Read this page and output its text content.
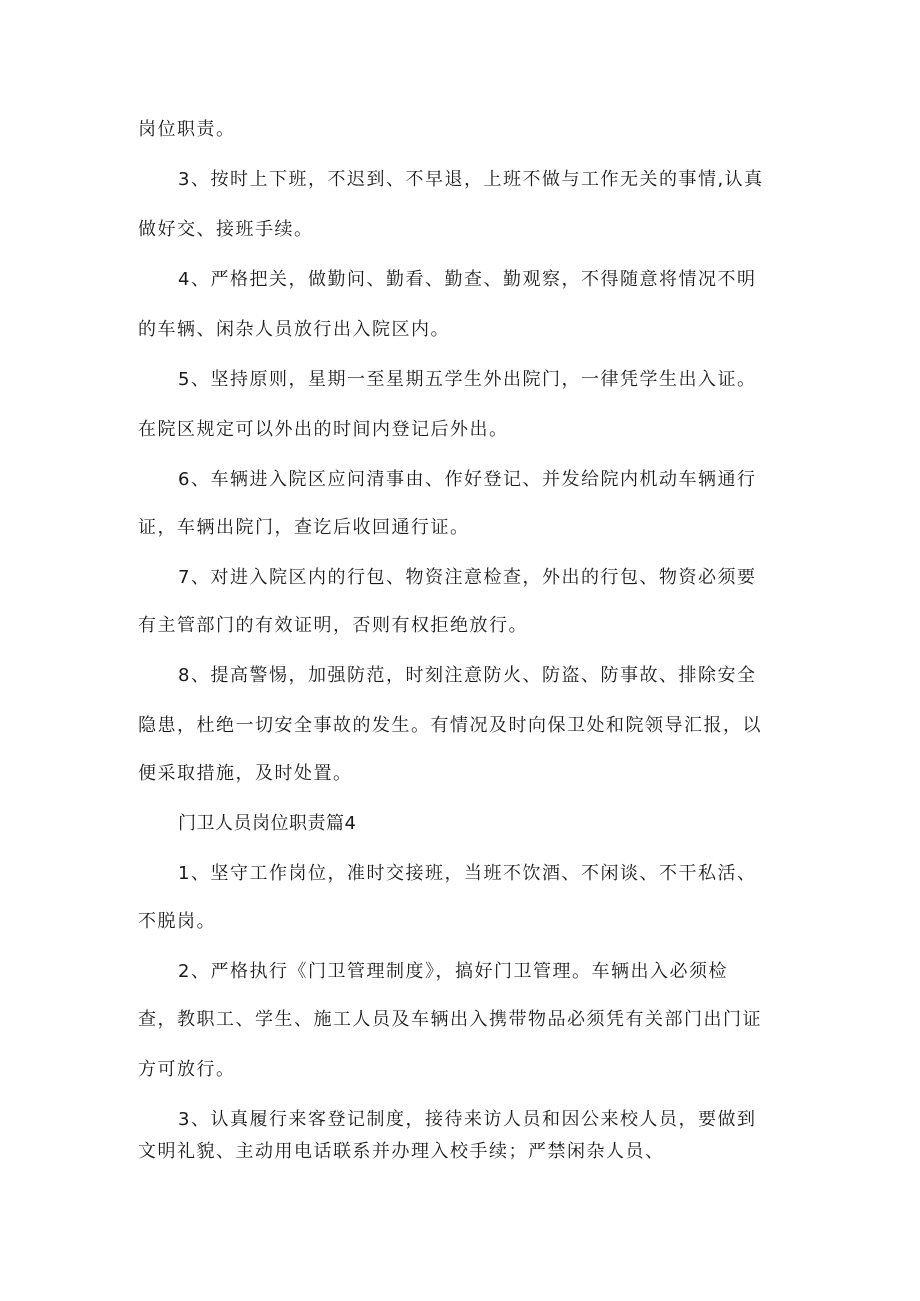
岗位职责。
3、按时上下班，不迟到、不早退，上班不做与工作无关的事情,认真
做好交、接班手续。
4、严格把关，做勤问、勤看、勤查、勤观察，不得随意将情况不明
的车辆、闲杂人员放行出入院区内。
5、坚持原则，星期一至星期五学生外出院门，一律凭学生出入证。
在院区规定可以外出的时间内登记后外出。
6、车辆进入院区应问清事由、作好登记、并发给院内机动车辆通行
证，车辆出院门，查讫后收回通行证。
7、对进入院区内的行包、物资注意检查，外出的行包、物资必须要
有主管部门的有效证明，否则有权拒绝放行。
8、提高警惕，加强防范，时刻注意防火、防盗、防事故、排除安全
隐患，杜绝一切安全事故的发生。有情况及时向保卫处和院领导汇报，以
便采取措施，及时处置。
门卫人员岗位职责篇4
1、坚守工作岗位，准时交接班，当班不饮酒、不闲谈、不干私活、
不脱岗。
2、严格执行《门卫管理制度》，搞好门卫管理。车辆出入必须检
查，教职工、学生、施工人员及车辆出入携带物品必须凭有关部门出门证
方可放行。
3、认真履行来客登记制度，接待来访人员和因公来校人员，要做到
文明礼貌、主动用电话联系并办理入校手续；严禁闲杂人员、
